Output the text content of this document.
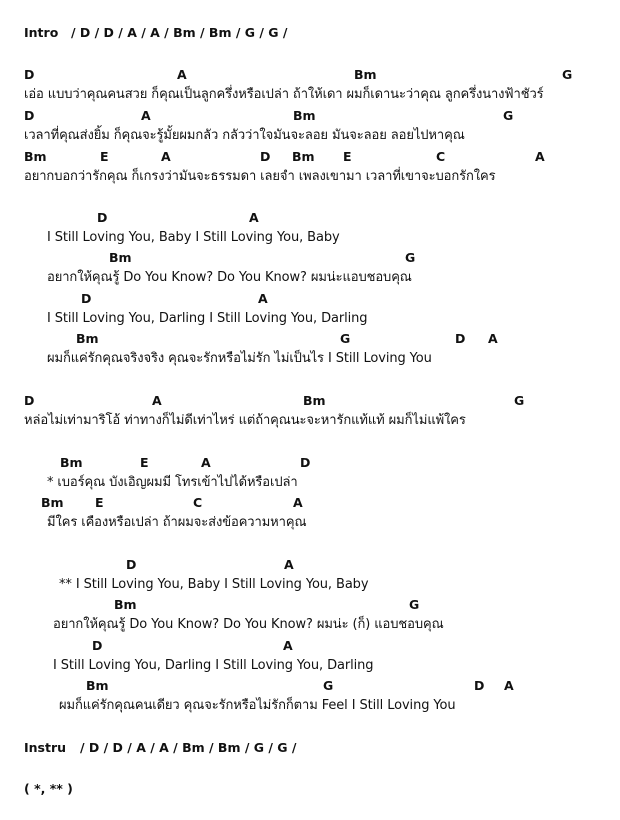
Intro / D / D / A / A / Bm / Bm / G / G /
D	A	Bm	G
เอ่อ แบบว่าคุณคนสวย ก็คุณเป็นลูกครึ่งหรือเปล่า ถ้าให้เดา ผมก็เดานะว่าคุณ ลูกครึ่งนางฟ้าชัวร์
D	A	Bm	G
เวลาที่คุณส่งยิ้ม ก็คุณจะรู้มั้ยผมกลัว กลัวว่าใจมันจะลอย มันจะลอย ลอยไปหาคุณ
Bm	E	A	D Bm E	C	A
อยากบอกว่ารักคุณ ก็เกรงว่ามันจะธรรมดา เลยจำ เพลงเขามา เวลาที่เขาจะบอกรักใคร
D	A
I Still Loving You, Baby I Still Loving You, Baby
Bm	G
อยากให้คุณรู้ Do You Know? Do You Know? ผมน่ะแอบชอบคุณ
D	A
I Still Loving You, Darling I Still Loving You, Darling
Bm	G	D A
ผมก็แค่รักคุณจริงจริง คุณจะรักหรือไม่รัก ไม่เป็นไร I Still Loving You
D	A	Bm	G
หล่อไม่เท่ามาริโอ้ ท่าทางก็ไม่ดีเท่าไหร่ แต่ถ้าคุณนะจะหารักแท้แท้ ผมก็ไม่แพ้ใคร
Bm	E	A	D
* เบอร์คุณ บังเอิญผมมี โทรเข้าไปได้หรือเปล่า
Bm	E	C	A
มีใคร เคืองหรือเปล่า ถ้าผมจะส่งข้อความหาคุณ
D	A
** I Still Loving You, Baby I Still Loving You, Baby
Bm	G
อยากให้คุณรู้ Do You Know? Do You Know? ผมน่ะ (ก็) แอบชอบคุณ
D	A
I Still Loving You, Darling I Still Loving You, Darling
Bm	G	D A
ผมก็แค่รักคุณคนเดียว คุณจะรักหรือไม่รักก็ตาม Feel I Still Loving You
Instru / D / D / A / A / Bm / Bm / G / G /
( *, ** )
